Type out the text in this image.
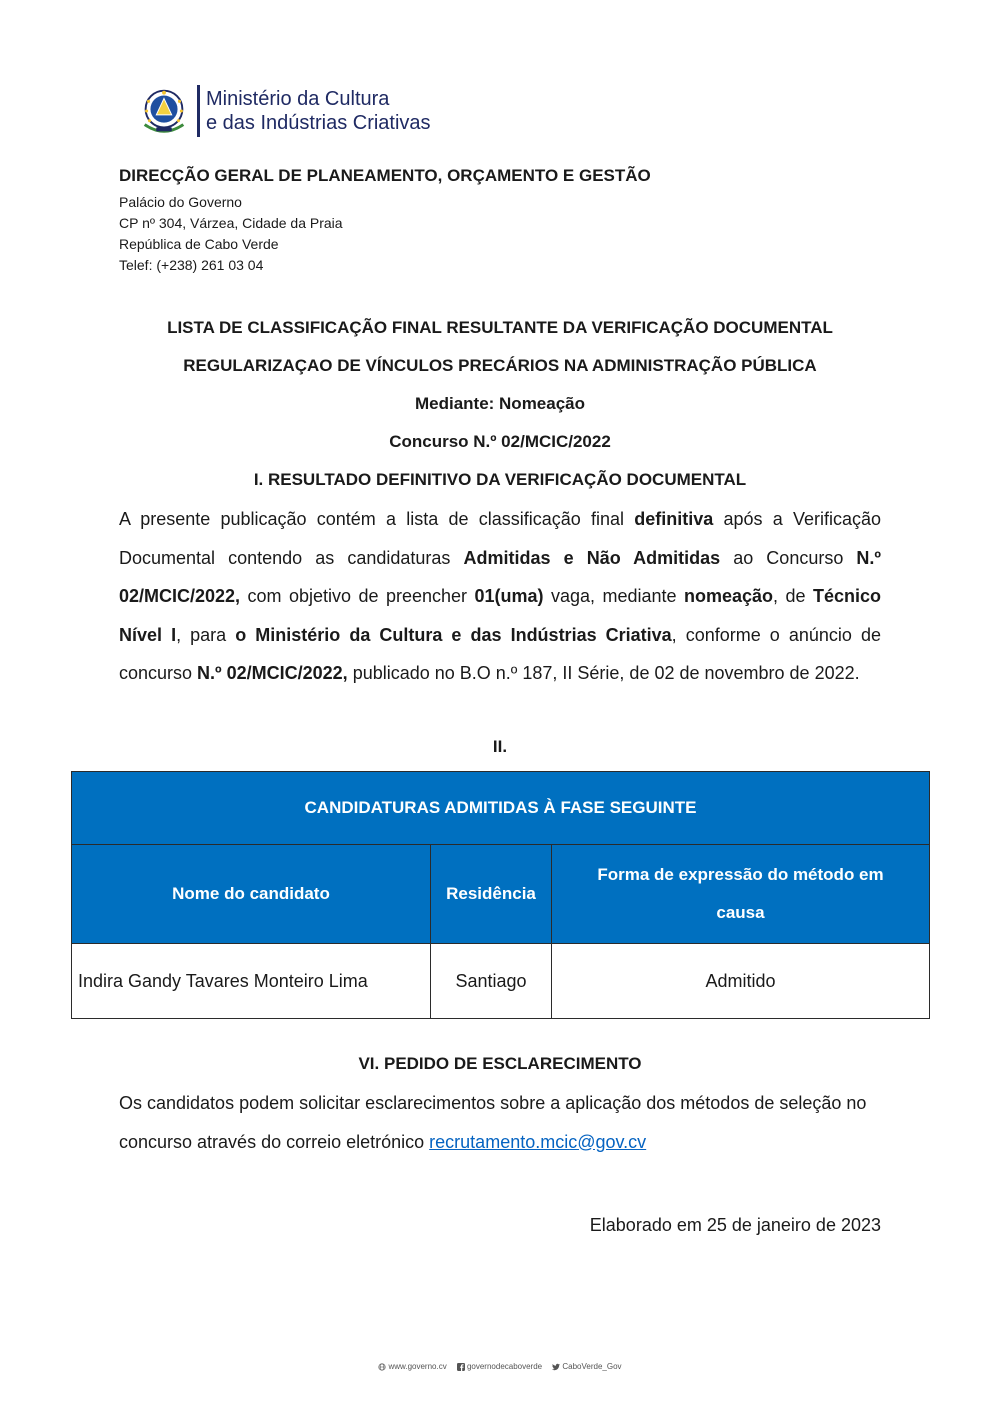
Ministério da Cultura
e das Indústrias Criativas
DIRECÇÃO GERAL DE PLANEAMENTO, ORÇAMENTO E GESTÃO
Palácio do Governo
CP nº 304, Várzea, Cidade da Praia
República de Cabo Verde
Telef: (+238) 261 03 04
LISTA DE CLASSIFICAÇÃO FINAL RESULTANTE DA VERIFICAÇÃO DOCUMENTAL
REGULARIZAÇAO DE VÍNCULOS PRECÁRIOS NA ADMINISTRAÇÃO PÚBLICA
Mediante: Nomeação
Concurso N.º 02/MCIC/2022
I. RESULTADO DEFINITIVO DA VERIFICAÇÃO DOCUMENTAL
A presente publicação contém a lista de classificação final definitiva após a Verificação Documental contendo as candidaturas Admitidas e Não Admitidas ao Concurso N.º 02/MCIC/2022, com objetivo de preencher 01(uma) vaga, mediante nomeação, de Técnico Nível I, para o Ministério da Cultura e das Indústrias Criativa, conforme o anúncio de concurso N.º 02/MCIC/2022, publicado no B.O n.º 187, II Série, de 02 de novembro de 2022.
II.
CANDIDATURAS ADMITIDAS À FASE SEGUINTE		
Nome do candidato	Residência	Forma de expressão do método em causa
Indira Gandy Tavares Monteiro Lima	Santiago	Admitido
VI. PEDIDO DE ESCLARECIMENTO
Os candidatos podem solicitar esclarecimentos sobre a aplicação dos métodos de seleção no concurso através do correio eletrónico recrutamento.mcic@gov.cv
Elaborado em 25 de janeiro de 2023
www.governo.cv	governodecaboverde	CaboVerde_Gov
